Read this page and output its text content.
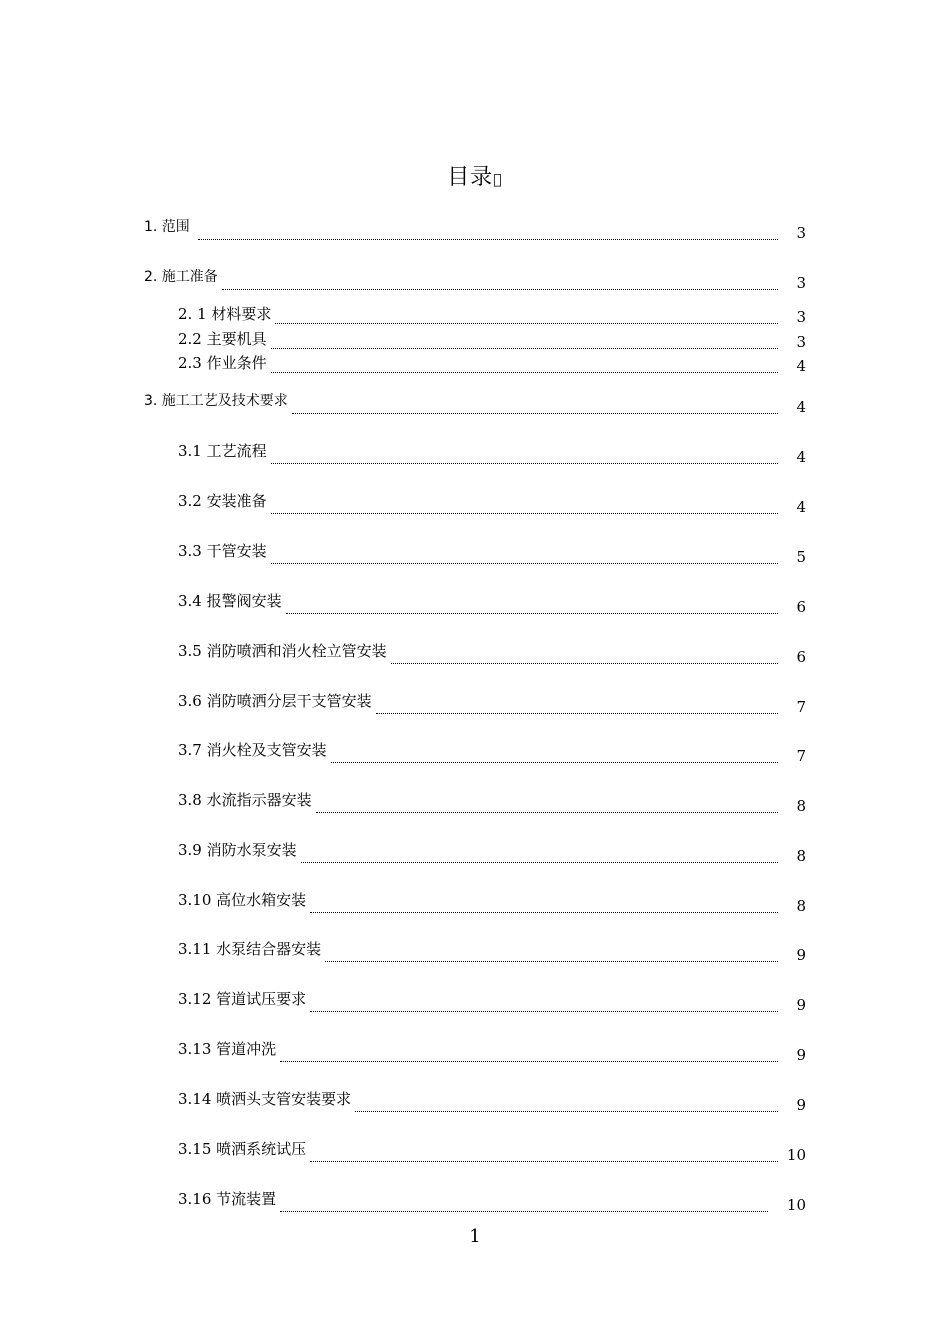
目录
1. 范围	3
2. 施工准备	3
2. 1 材料要求	3
2.2 主要机具	3
2.3 作业条件	4
3. 施工工艺及技术要求	4
3.1 工艺流程	4
3.2 安装准备	4
3.3 干管安装	5
3.4 报警阀安装	6
3.5 消防喷洒和消火栓立管安装	6
3.6 消防喷洒分层干支管安装	7
3.7 消火栓及支管安装	7
3.8 水流指示器安装	8
3.9 消防水泵安装	8
3.10 高位水箱安装	8
3.11 水泵结合器安装	9
3.12 管道试压要求	9
3.13 管道冲洗	9
3.14 喷洒头支管安装要求	9
3.15 喷洒系统试压	10
3.16 节流装置	10
1
